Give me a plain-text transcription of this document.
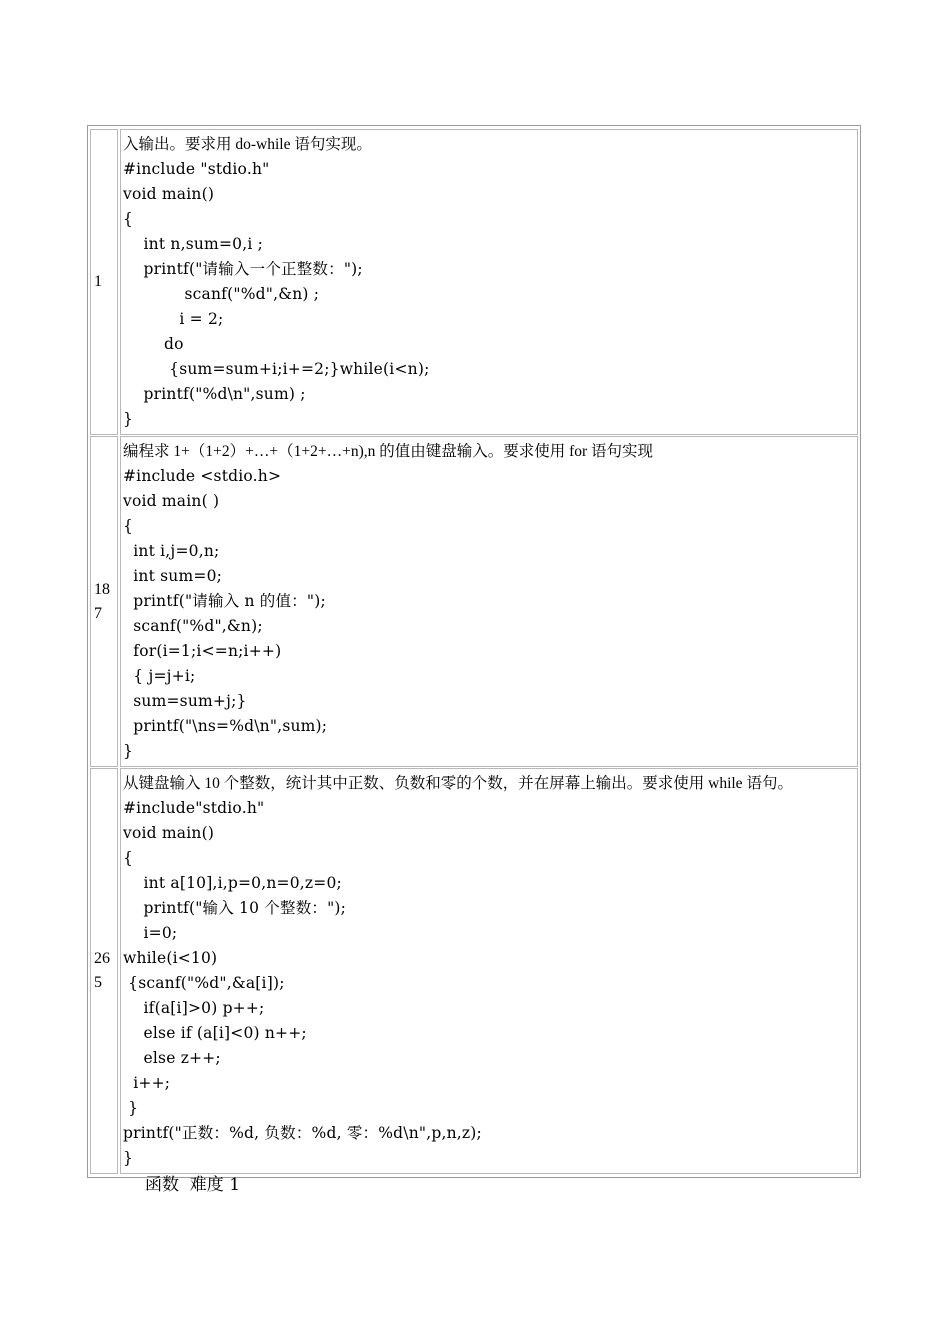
1
入输出。要求用 do-while 语句实现。
#include "stdio.h"
void main()
{
int n,sum=0,i ;
printf("请输入一个正整数：");
scanf("%d",&n) ;
i = 2;
do
{sum=sum+i;i+=2;}while(i<n);
printf("%d\n",sum) ;
}
187
编程求 1+（1+2）+…+（1+2+…+n),n 的值由键盘输入。要求使用 for 语句实现
#include <stdio.h>
void main( )
{
int i,j=0,n;
int sum=0;
printf("请输入 n 的值：");
scanf("%d",&n);
for(i=1;i<=n;i++)
{ j=j+i;
sum=sum+j;}
printf("\ns=%d\n",sum);
}
265
从键盘输入 10 个整数，统计其中正数、负数和零的个数，并在屏幕上输出。要求使用 while 语句。
#include"stdio.h"
void main()
{
int a[10],i,p=0,n=0,z=0;
printf("输入 10 个整数：");
i=0;
while(i<10)
{scanf("%d",&a[i]);
if(a[i]>0) p++;
else if (a[i]<0) n++;
else z++;
i++;
}
printf("正数：%d, 负数：%d, 零：%d\n",p,n,z);
}
函数  难度 1
